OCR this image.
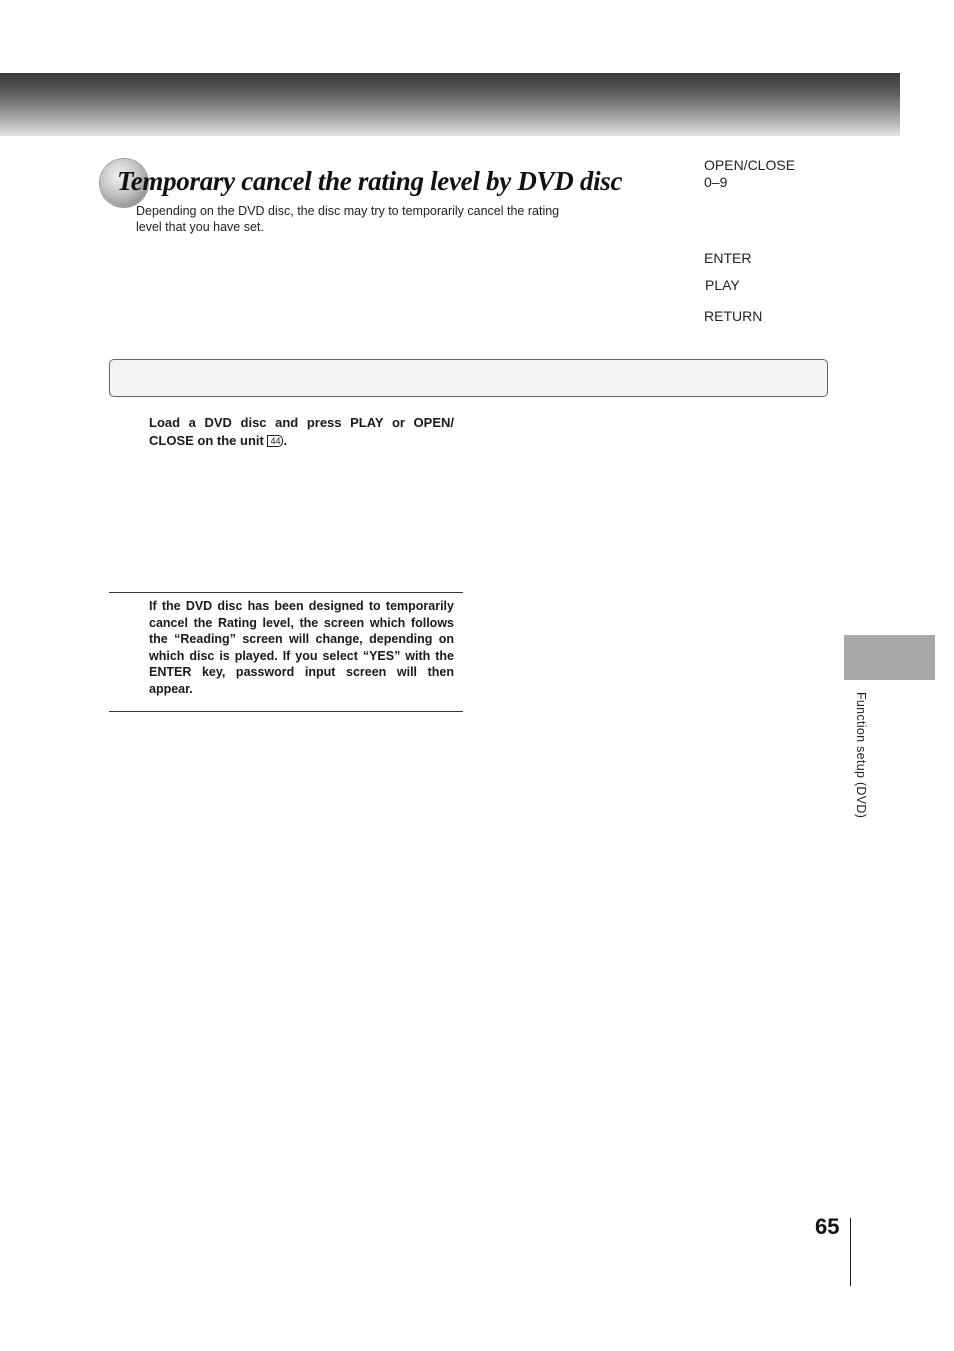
Temporary cancel the rating level by DVD disc

Depending on the DVD disc, the disc may try to temporarily cancel the rating level that you have set.

OPEN/CLOSE
0–9
ENTER
PLAY
RETURN

Load a DVD disc and press PLAY or OPEN/ CLOSE on the unit 44 .

If the DVD disc has been designed to temporarily cancel the Rating level, the screen which follows the “Reading” screen will change, depending on which disc is played. If you select “YES” with the ENTER key, password input screen will then appear.

Function setup (DVD)
65
